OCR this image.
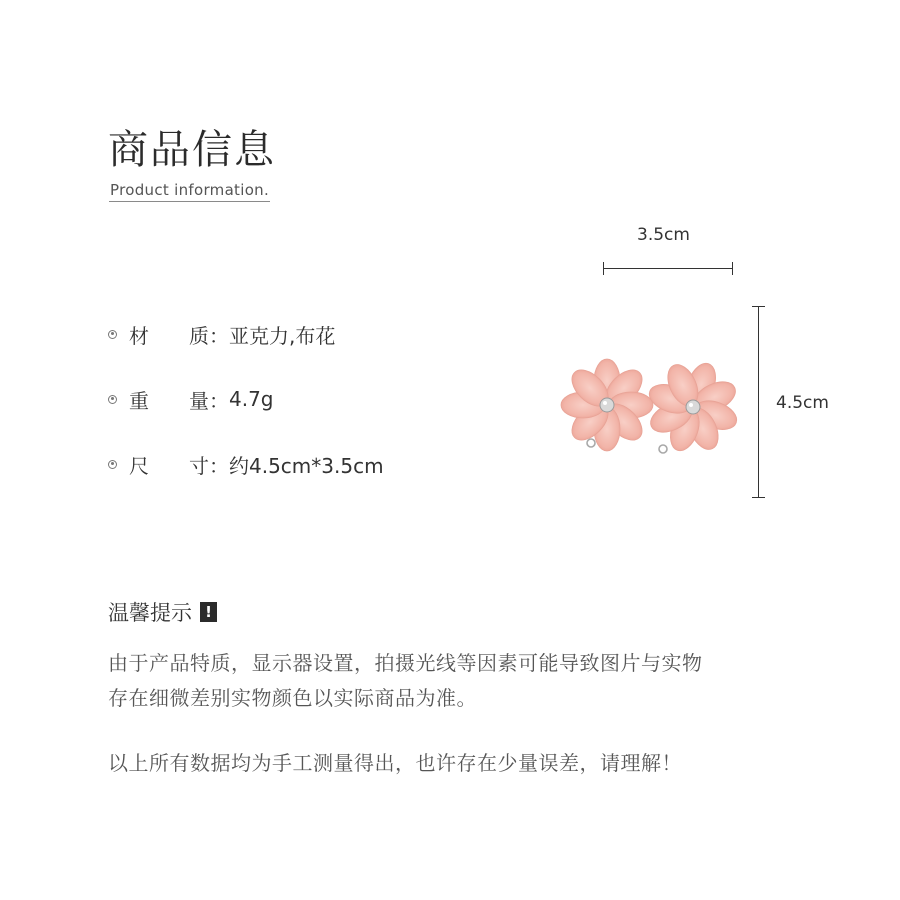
商品信息
Product information.
材　　质： 亚克力,布花
重　　量： 4.7g
尺　　寸： 约4.5cm*3.5cm
3.5cm
4.5cm
温馨提示 !
由于产品特质，显示器设置，拍摄光线等因素可能导致图片与实物
存在细微差别实物颜色以实际商品为准。
以上所有数据均为手工测量得出，也许存在少量误差，请理解！
